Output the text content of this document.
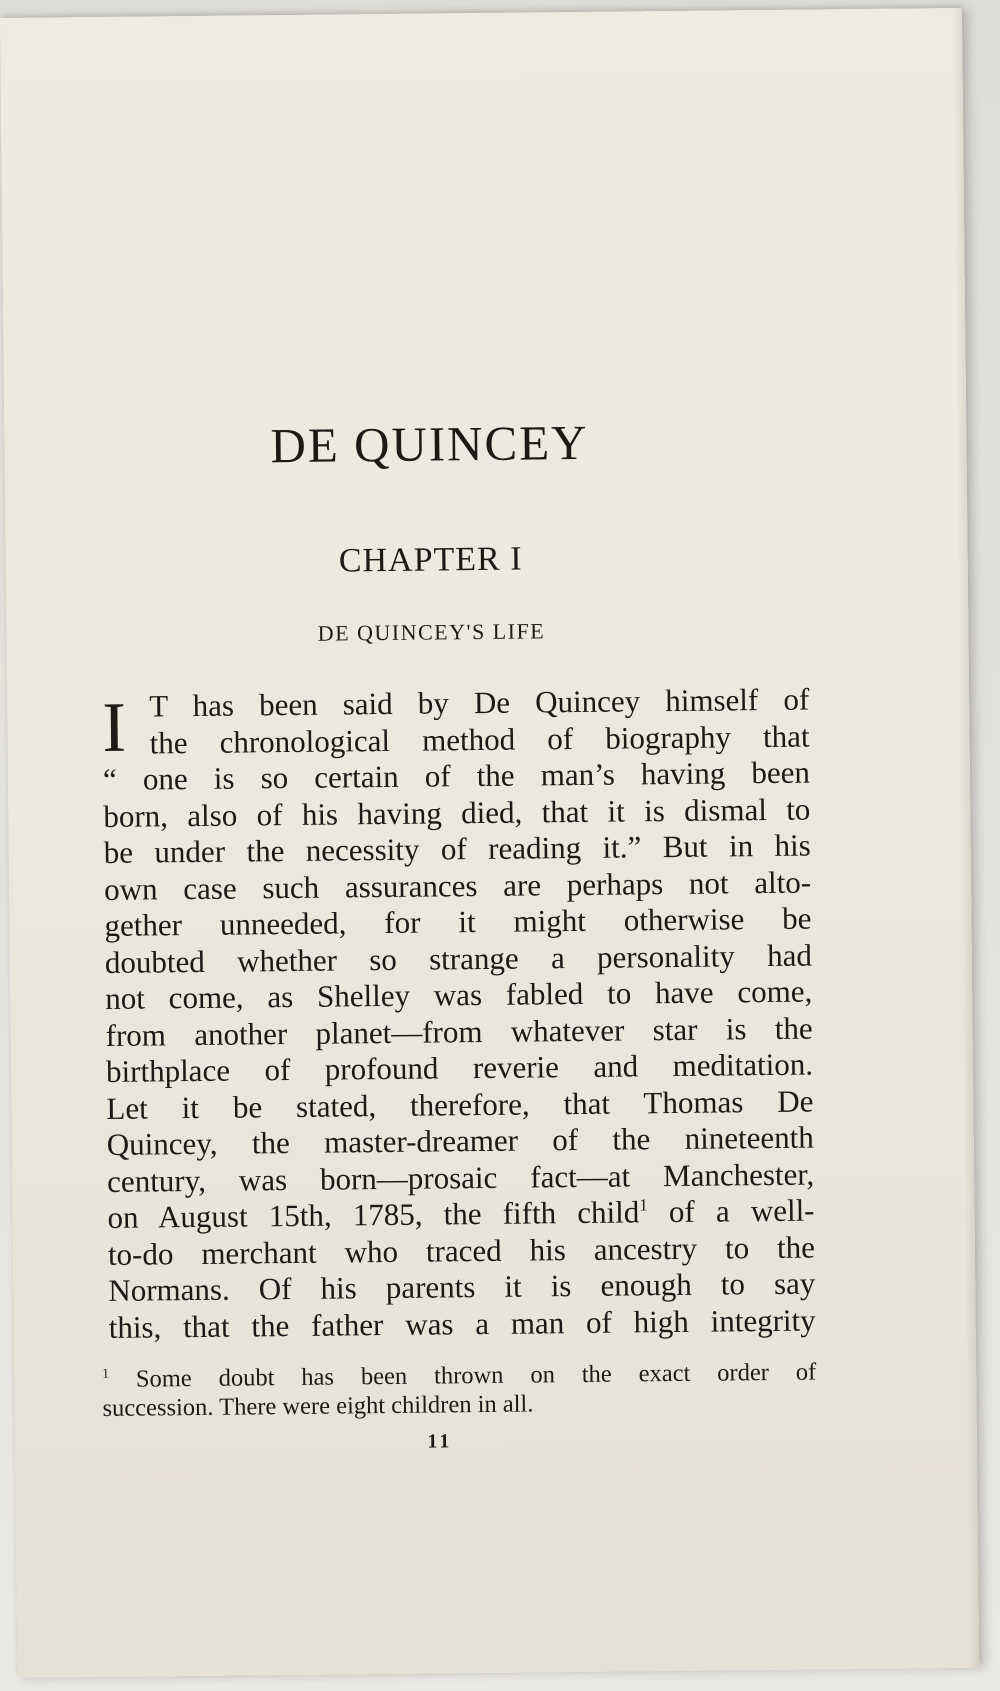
DE QUINCEY
CHAPTER I
DE QUINCEY'S LIFE
I T has been said by De Quincey himself of
the chronological method of biography that
“ one is so certain of the man’s having been
born, also of his having died, that it is dismal to
be under the necessity of reading it.” But in his
own case such assurances are perhaps not alto-
gether unneeded, for it might otherwise be
doubted whether so strange a personality had
not come, as Shelley was fabled to have come,
from another planet—from whatever star is the
birthplace of profound reverie and meditation.
Let it be stated, therefore, that Thomas De
Quincey, the master-dreamer of the nineteenth
century, was born—prosaic fact—at Manchester,
on August 15th, 1785, the fifth child$^1$ of a well-
to-do merchant who traced his ancestry to the
Normans. Of his parents it is enough to say
this, that the father was a man of high integrity
$^1$ Some doubt has been thrown on the exact order of
succession. There were eight children in all.
11
